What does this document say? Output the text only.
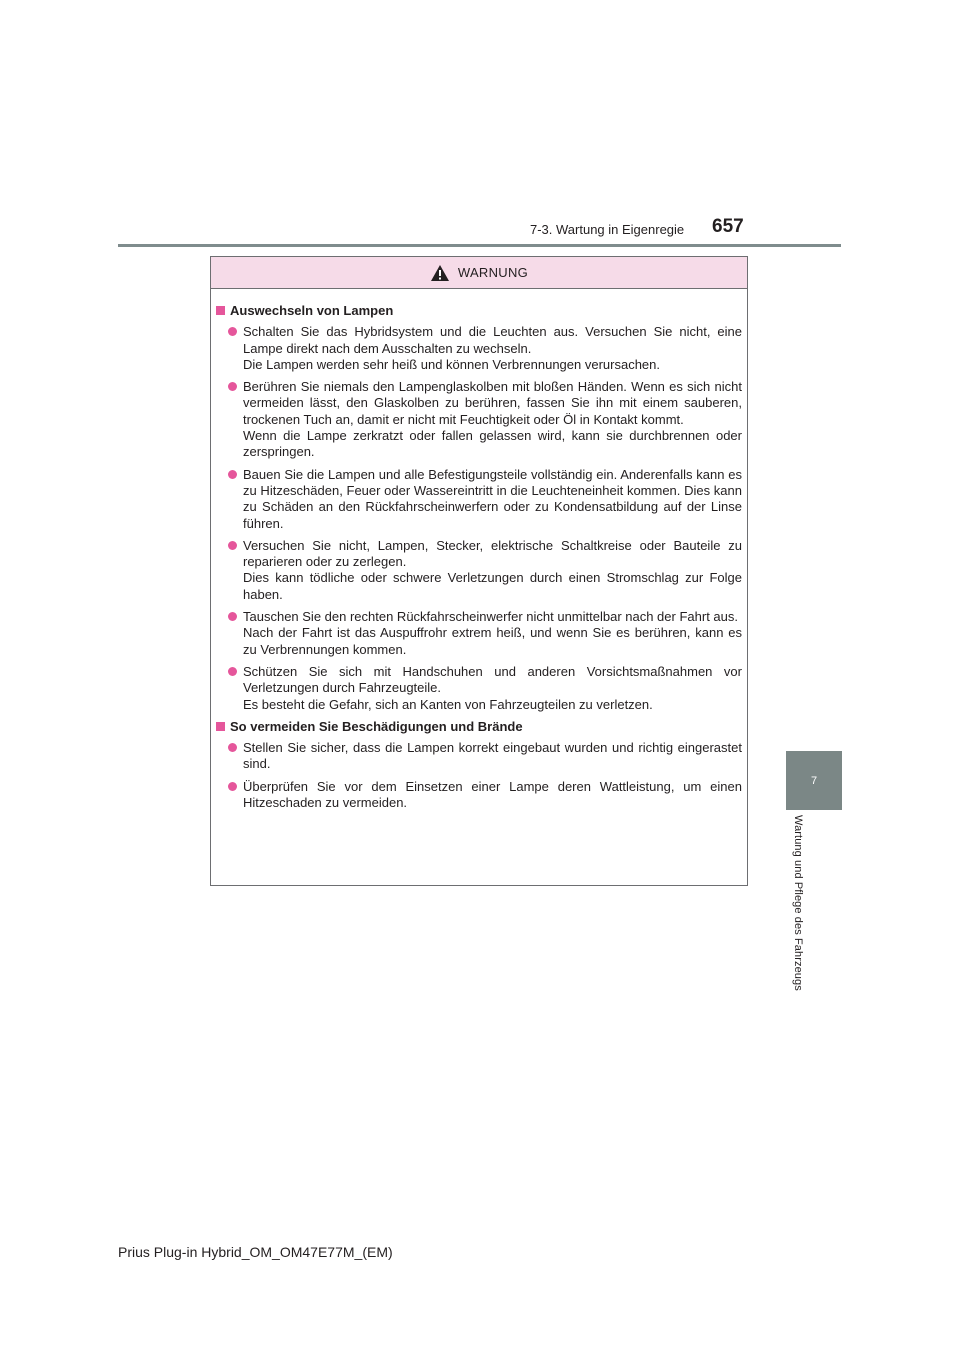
7-3. Wartung in Eigenregie 657
7
Wartung und Pflege des Fahrzeugs
WARNUNG
Auswechseln von Lampen

Schalten Sie das Hybridsystem und die Leuchten aus. Versuchen Sie nicht, eine Lampe direkt nach dem Ausschalten zu wechseln.

Die Lampen werden sehr heiß und können Verbrennungen verursachen.

Berühren Sie niemals den Lampenglaskolben mit bloßen Händen. Wenn es sich nicht vermeiden lässt, den Glaskolben zu berühren, fassen Sie ihn mit einem sauberen, trockenen Tuch an, damit er nicht mit Feuchtigkeit oder Öl in Kontakt kommt.

Wenn die Lampe zerkratzt oder fallen gelassen wird, kann sie durchbrennen oder zerspringen.

Bauen Sie die Lampen und alle Befestigungsteile vollständig ein. Anderenfalls kann es zu Hitzeschäden, Feuer oder Wassereintritt in die Leuchteneinheit kommen. Dies kann zu Schäden an den Rückfahrscheinwerfern oder zu Kondensatbildung auf der Linse führen.

Versuchen Sie nicht, Lampen, Stecker, elektrische Schaltkreise oder Bauteile zu reparieren oder zu zerlegen.

Dies kann tödliche oder schwere Verletzungen durch einen Stromschlag zur Folge haben.

Tauschen Sie den rechten Rückfahrscheinwerfer nicht unmittelbar nach der Fahrt aus.

Nach der Fahrt ist das Auspuffrohr extrem heiß, und wenn Sie es berühren, kann es zu Verbrennungen kommen.

Schützen Sie sich mit Handschuhen und anderen Vorsichtsmaßnahmen vor Verletzungen durch Fahrzeugteile.

Es besteht die Gefahr, sich an Kanten von Fahrzeugteilen zu verletzen.

So vermeiden Sie Beschädigungen und Brände

Stellen Sie sicher, dass die Lampen korrekt eingebaut wurden und richtig eingerastet sind.

Überprüfen Sie vor dem Einsetzen einer Lampe deren Wattleistung, um einen Hitzeschaden zu vermeiden.

Prius Plug-in Hybrid_OM_OM47E77M_(EM)
